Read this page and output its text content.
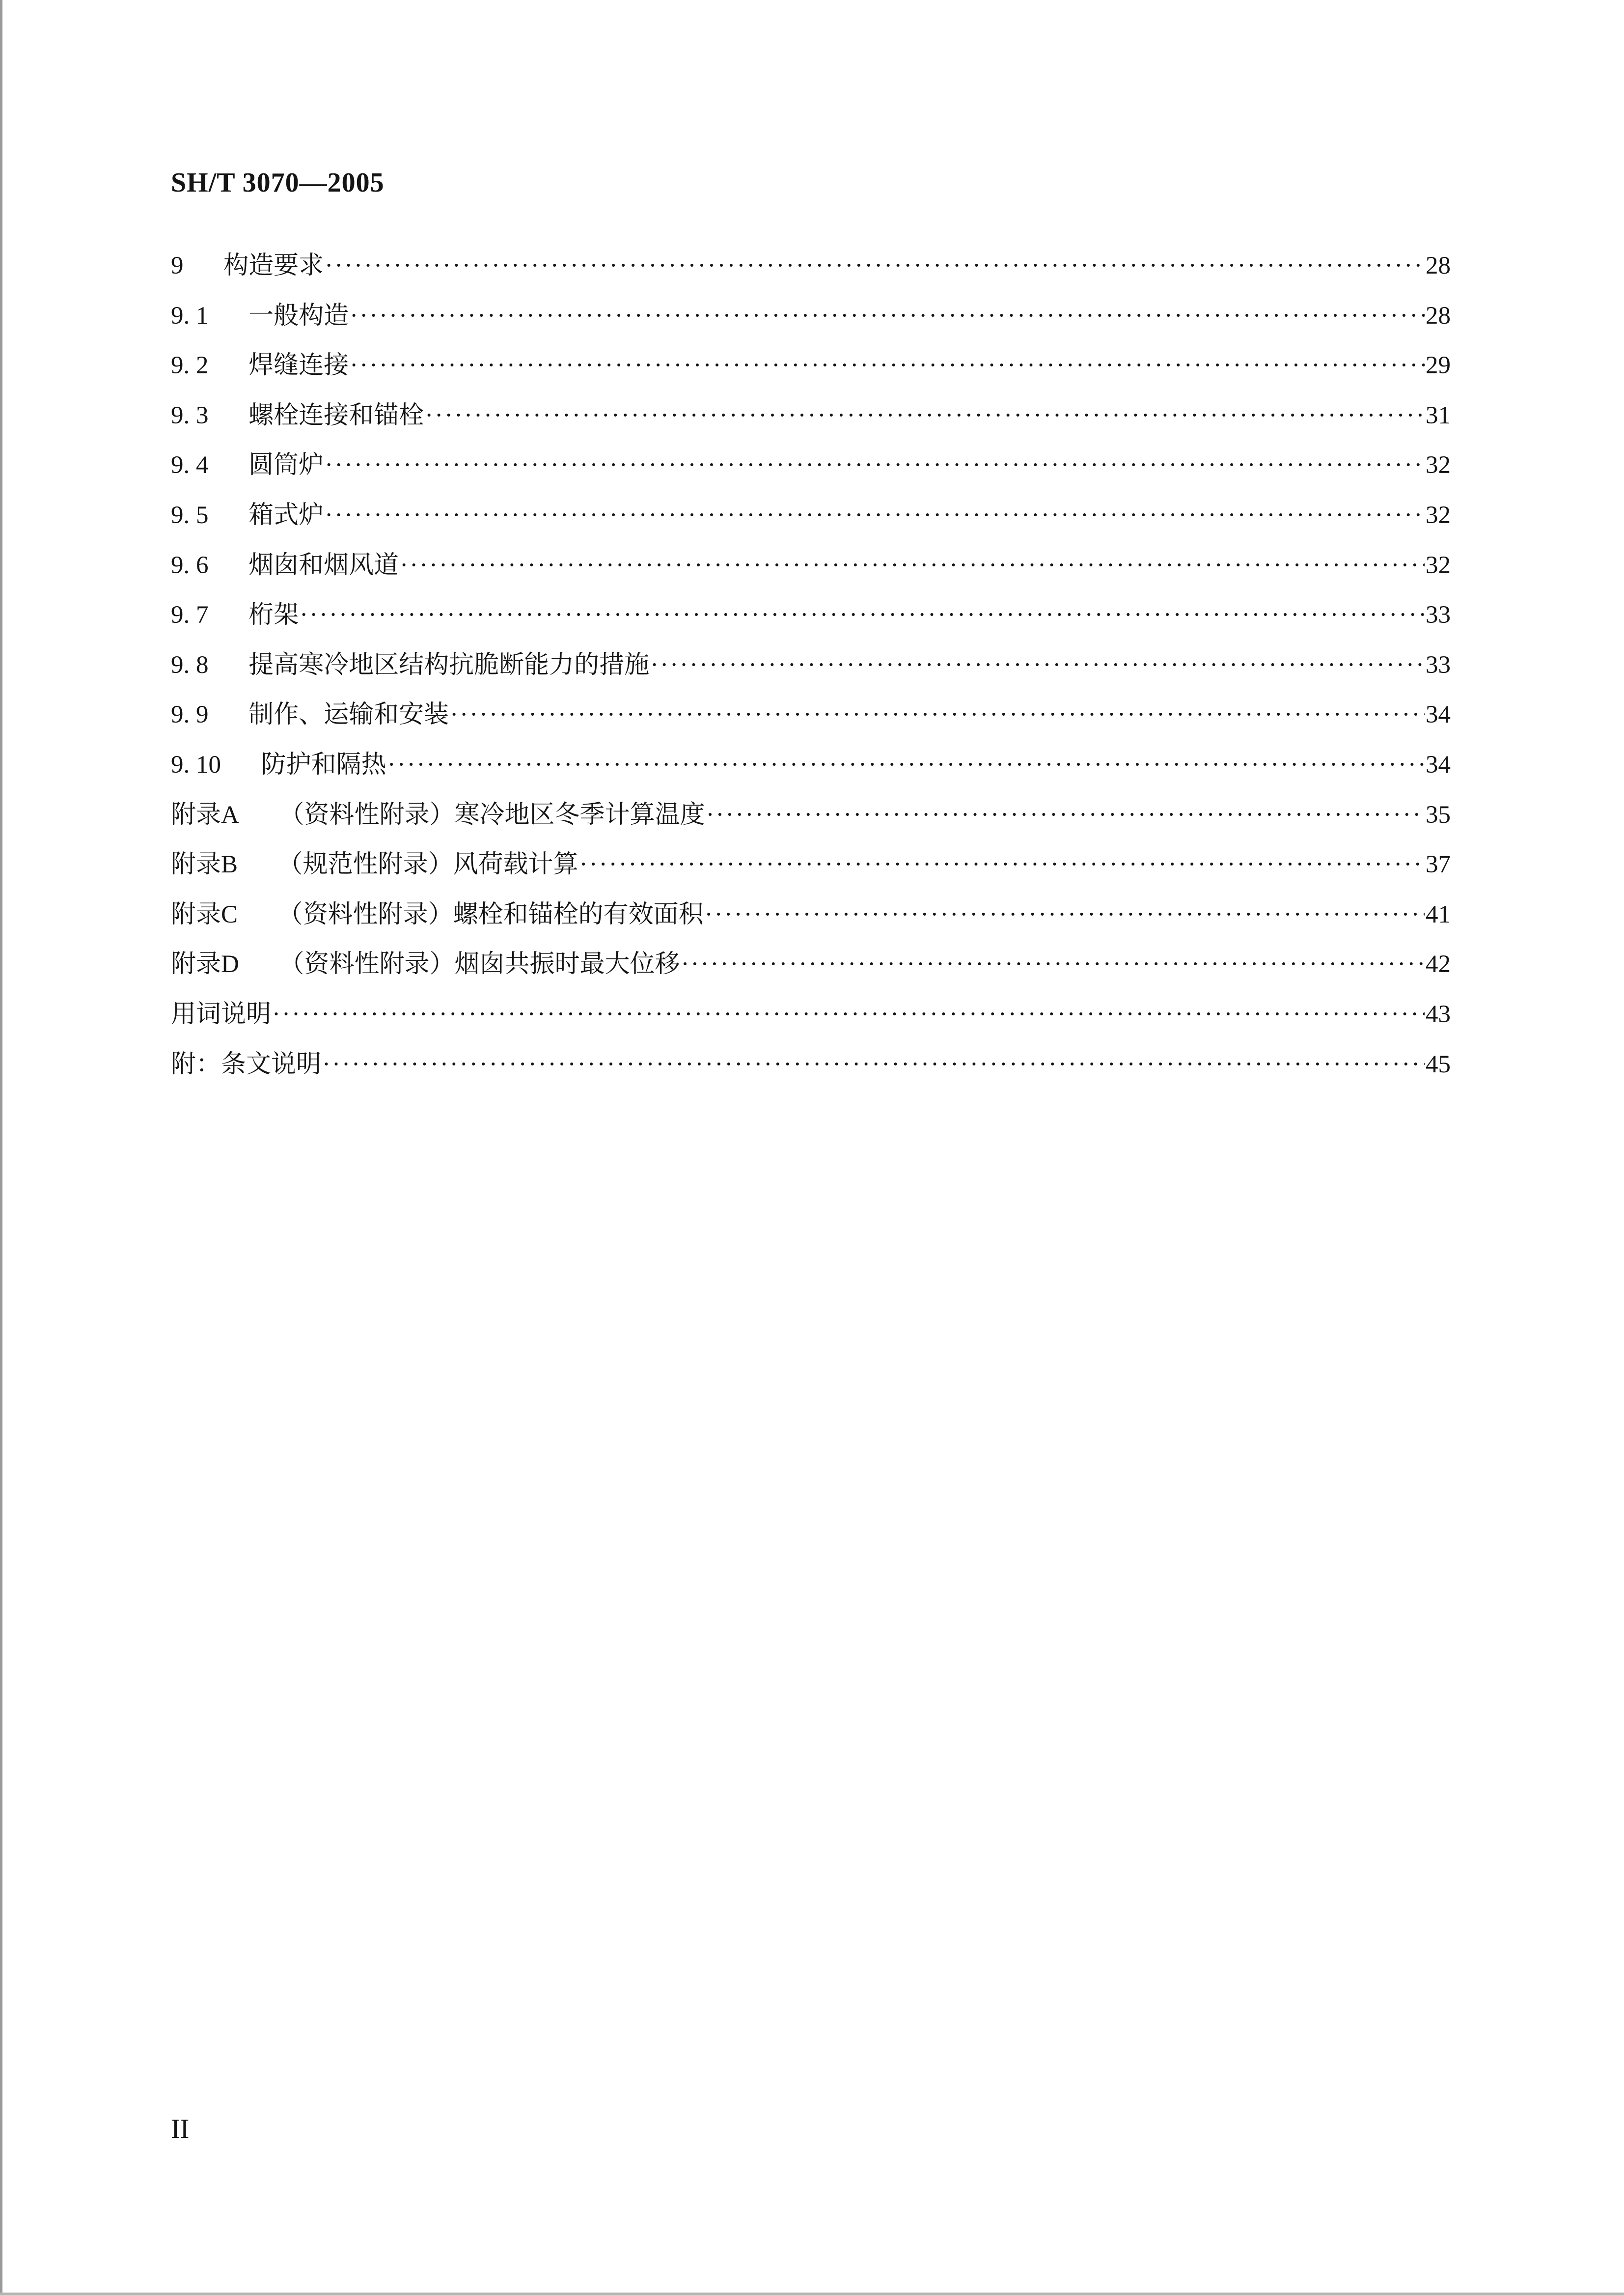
SH/T 3070—2005
9 构造要求 ·····	28
9. 1 一般构造 ·····	28
9. 2 焊缝连接 ·····	29
9. 3 螺栓连接和锚栓 ·····	31
9. 4 圆筒炉 ·····	32
9. 5 箱式炉 ·····	32
9. 6 烟囱和烟风道 ·····	32
9. 7 桁架 ·····	33
9. 8 提高寒冷地区结构抗脆断能力的措施 ·····	33
9. 9 制作、运输和安装 ·····	34
9. 10 防护和隔热 ·····	34
附录A （资料性附录）寒冷地区冬季计算温度 ·····	35
附录B （规范性附录）风荷载计算 ·····	37
附录C （资料性附录）螺栓和锚栓的有效面积 ·····	41
附录D （资料性附录）烟囱共振时最大位移 ·····	42
用词说明 ·····	43
附：条文说明 ·····	45
II
